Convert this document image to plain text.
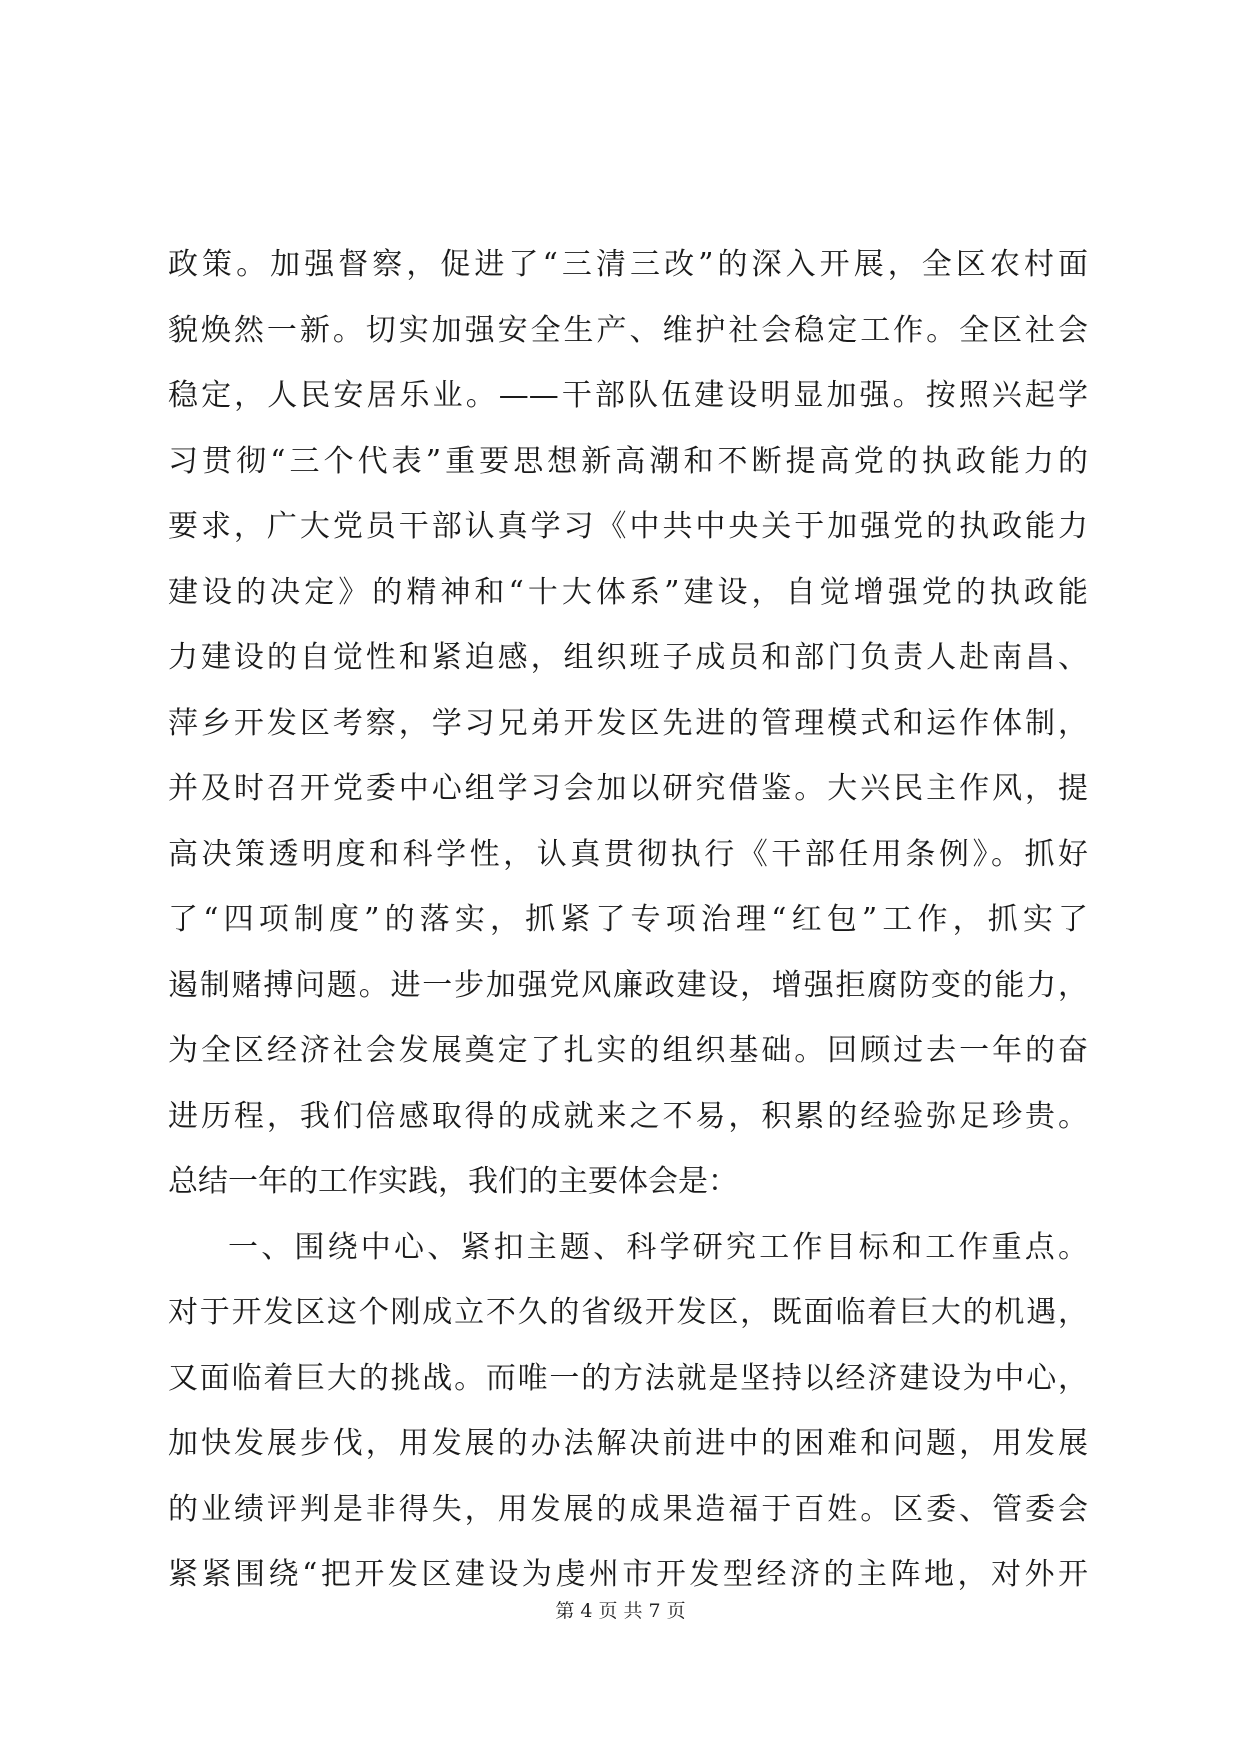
政策。加强督察，促进了“三清三改”的深入开展，全区农村面
貌焕然一新。切实加强安全生产、维护社会稳定工作。全区社会
稳定，人民安居乐业。——干部队伍建设明显加强。按照兴起学
习贯彻“三个代表”重要思想新高潮和不断提高党的执政能力的
要求，广大党员干部认真学习《中共中央关于加强党的执政能力
建设的决定》的精神和“十大体系”建设，自觉增强党的执政能
力建设的自觉性和紧迫感，组织班子成员和部门负责人赴南昌、
萍乡开发区考察，学习兄弟开发区先进的管理模式和运作体制，
并及时召开党委中心组学习会加以研究借鉴。大兴民主作风，提
高决策透明度和科学性，认真贯彻执行《干部任用条例》。抓好
了“四项制度”的落实，抓紧了专项治理“红包”工作，抓实了
遏制赌搏问题。进一步加强党风廉政建设，增强拒腐防变的能力，
为全区经济社会发展奠定了扎实的组织基础。回顾过去一年的奋
进历程，我们倍感取得的成就来之不易，积累的经验弥足珍贵。
总结一年的工作实践，我们的主要体会是：
一、围绕中心、紧扣主题、科学研究工作目标和工作重点。
对于开发区这个刚成立不久的省级开发区，既面临着巨大的机遇，
又面临着巨大的挑战。而唯一的方法就是坚持以经济建设为中心，
加快发展步伐，用发展的办法解决前进中的困难和问题，用发展
的业绩评判是非得失，用发展的成果造福于百姓。区委、管委会
紧紧围绕“把开发区建设为虔州市开发型经济的主阵地，对外开
第 4 页 共 7 页
